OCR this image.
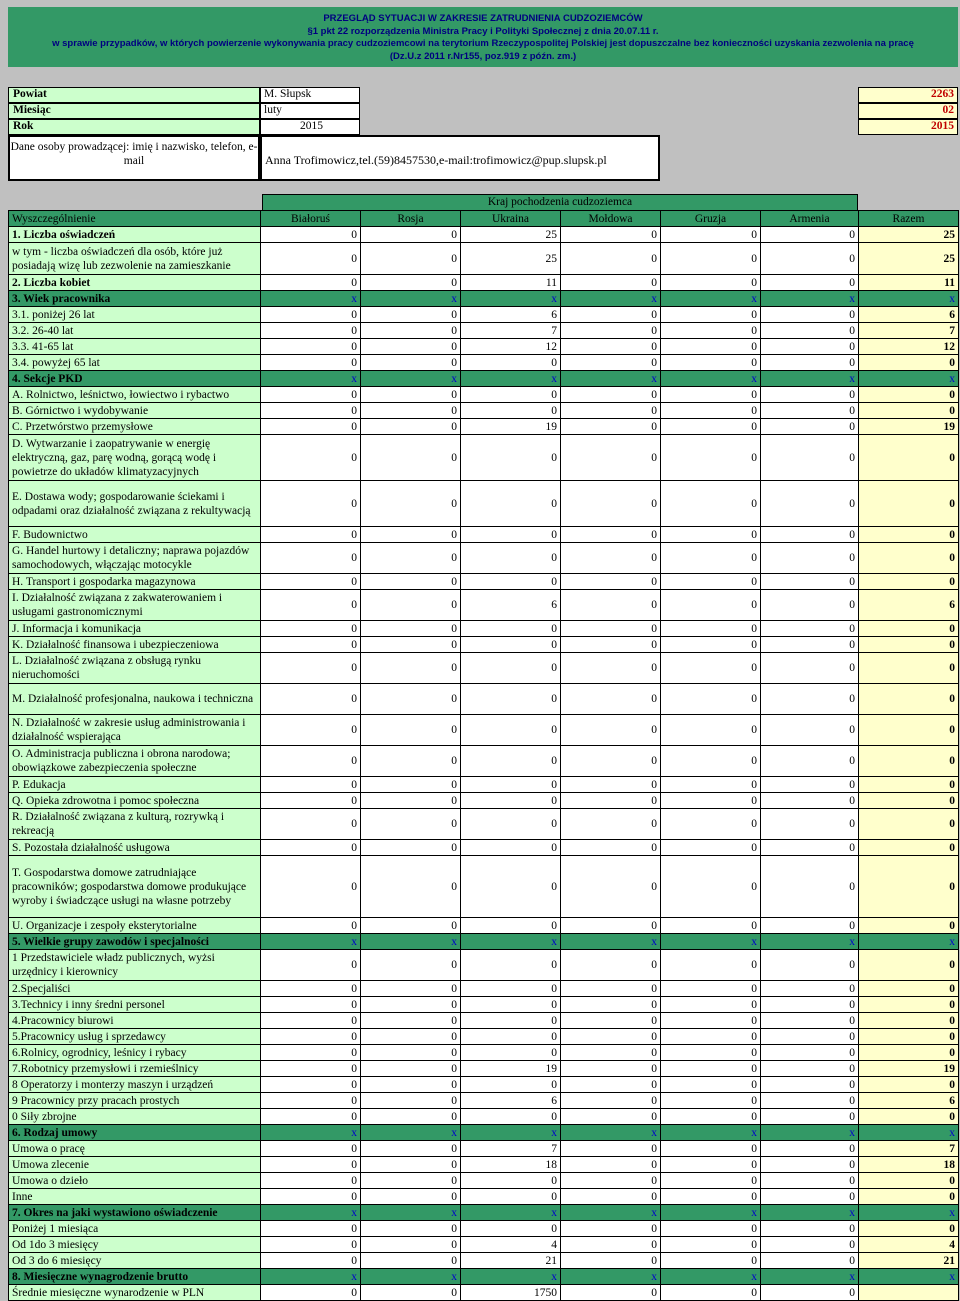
PRZEGLĄD SYTUACJI W ZAKRESIE ZATRUDNIENIA CUDZOZIEMCÓW
§1 pkt 22 rozporządzenia Ministra Pracy i Polityki Społecznej z dnia 20.07.11 r.
w sprawie przypadków, w których powierzenie wykonywania pracy cudzoziemcowi na terytorium Rzeczypospolitej Polskiej jest dopuszczalne bez konieczności uzyskania zezwolenia na pracę
(Dz.U.z 2011 r.Nr155, poz.919 z późn. zm.)
Powiat	M. Słupsk	2263
Miesiąc	luty	02
Rok	2015	2015
Dane osoby prowadzącej: imię i nazwisko, telefon, e-mail	Anna Trofimowicz,tel.(59)8457530,e-mail:trofimowicz@pup.slupsk.pl
Kraj pochodzenia cudzoziemca
Wyszczególnienie	Białoruś	Rosja	Ukraina	Mołdowa	Gruzja	Armenia	Razem
1. Liczba oświadczeń	0	0	25	0	0	0	25
w tym - liczba oświadczeń dla osób, które już posiadają wizę lub zezwolenie na zamieszkanie	0	0	25	0	0	0	25
2. Liczba kobiet	0	0	11	0	0	0	11
3. Wiek pracownika	x	x	x	x	x	x	x
3.1. poniżej 26 lat	0	0	6	0	0	0	6
3.2. 26-40 lat	0	0	7	0	0	0	7
3.3. 41-65 lat	0	0	12	0	0	0	12
3.4. powyżej 65 lat	0	0	0	0	0	0	0
4. Sekcje PKD	x	x	x	x	x	x	x
A. Rolnictwo, leśnictwo, łowiectwo i rybactwo	0	0	0	0	0	0	0
B. Górnictwo i wydobywanie	0	0	0	0	0	0	0
C. Przetwórstwo przemysłowe	0	0	19	0	0	0	19
D. Wytwarzanie i zaopatrywanie w energię elektryczną, gaz, parę wodną, gorącą wodę i powietrze do układów klimatyzacyjnych	0	0	0	0	0	0	0
E. Dostawa wody; gospodarowanie ściekami i odpadami oraz działalność związana z rekultywacją	0	0	0	0	0	0	0
F. Budownictwo	0	0	0	0	0	0	0
G. Handel hurtowy i detaliczny; naprawa pojazdów samochodowych, włączając motocykle	0	0	0	0	0	0	0
H. Transport i gospodarka magazynowa	0	0	0	0	0	0	0
I. Działalność związana z zakwaterowaniem i usługami gastronomicznymi	0	0	6	0	0	0	6
J. Informacja i komunikacja	0	0	0	0	0	0	0
K. Działalność finansowa i ubezpieczeniowa	0	0	0	0	0	0	0
L. Działalność związana z obsługą rynku nieruchomości	0	0	0	0	0	0	0
M. Działalność profesjonalna, naukowa i techniczna	0	0	0	0	0	0	0
N. Działalność w zakresie usług administrowania i działalność wspierająca	0	0	0	0	0	0	0
O. Administracja publiczna i obrona narodowa; obowiązkowe zabezpieczenia społeczne	0	0	0	0	0	0	0
P. Edukacja	0	0	0	0	0	0	0
Q. Opieka zdrowotna i pomoc społeczna	0	0	0	0	0	0	0
R. Działalność związana z kulturą, rozrywką i rekreacją	0	0	0	0	0	0	0
S. Pozostała działalność usługowa	0	0	0	0	0	0	0
T. Gospodarstwa domowe zatrudniające pracowników; gospodarstwa domowe produkujące wyroby i świadczące usługi na własne potrzeby	0	0	0	0	0	0	0
U. Organizacje i zespoły eksterytorialne	0	0	0	0	0	0	0
5. Wielkie grupy zawodów i specjalności	x	x	x	x	x	x	x
1 Przedstawiciele władz publicznych, wyżsi urzędnicy i kierownicy	0	0	0	0	0	0	0
2.Specjaliści	0	0	0	0	0	0	0
3.Technicy i inny średni personel	0	0	0	0	0	0	0
4.Pracownicy biurowi	0	0	0	0	0	0	0
5.Pracownicy usług i sprzedawcy	0	0	0	0	0	0	0
6.Rolnicy, ogrodnicy, leśnicy i rybacy	0	0	0	0	0	0	0
7.Robotnicy przemysłowi i rzemieślnicy	0	0	19	0	0	0	19
8 Operatorzy i monterzy maszyn i urządzeń	0	0	0	0	0	0	0
9 Pracownicy przy pracach prostych	0	0	6	0	0	0	6
0 Siły zbrojne	0	0	0	0	0	0	0
6. Rodzaj umowy	x	x	x	x	x	x	x
Umowa o pracę	0	0	7	0	0	0	7
Umowa zlecenie	0	0	18	0	0	0	18
Umowa o dzieło	0	0	0	0	0	0	0
Inne	0	0	0	0	0	0	0
7. Okres na jaki wystawiono oświadczenie	x	x	x	x	x	x	x
Poniżej 1 miesiąca	0	0	0	0	0	0	0
Od 1do 3 miesięcy	0	0	4	0	0	0	4
Od 3 do 6 miesięcy	0	0	21	0	0	0	21
8. Miesięczne wynagrodzenie brutto	x	x	x	x	x	x	x
Średnie miesięczne wynarodzenie w PLN	0	0	1750	0	0	0	
